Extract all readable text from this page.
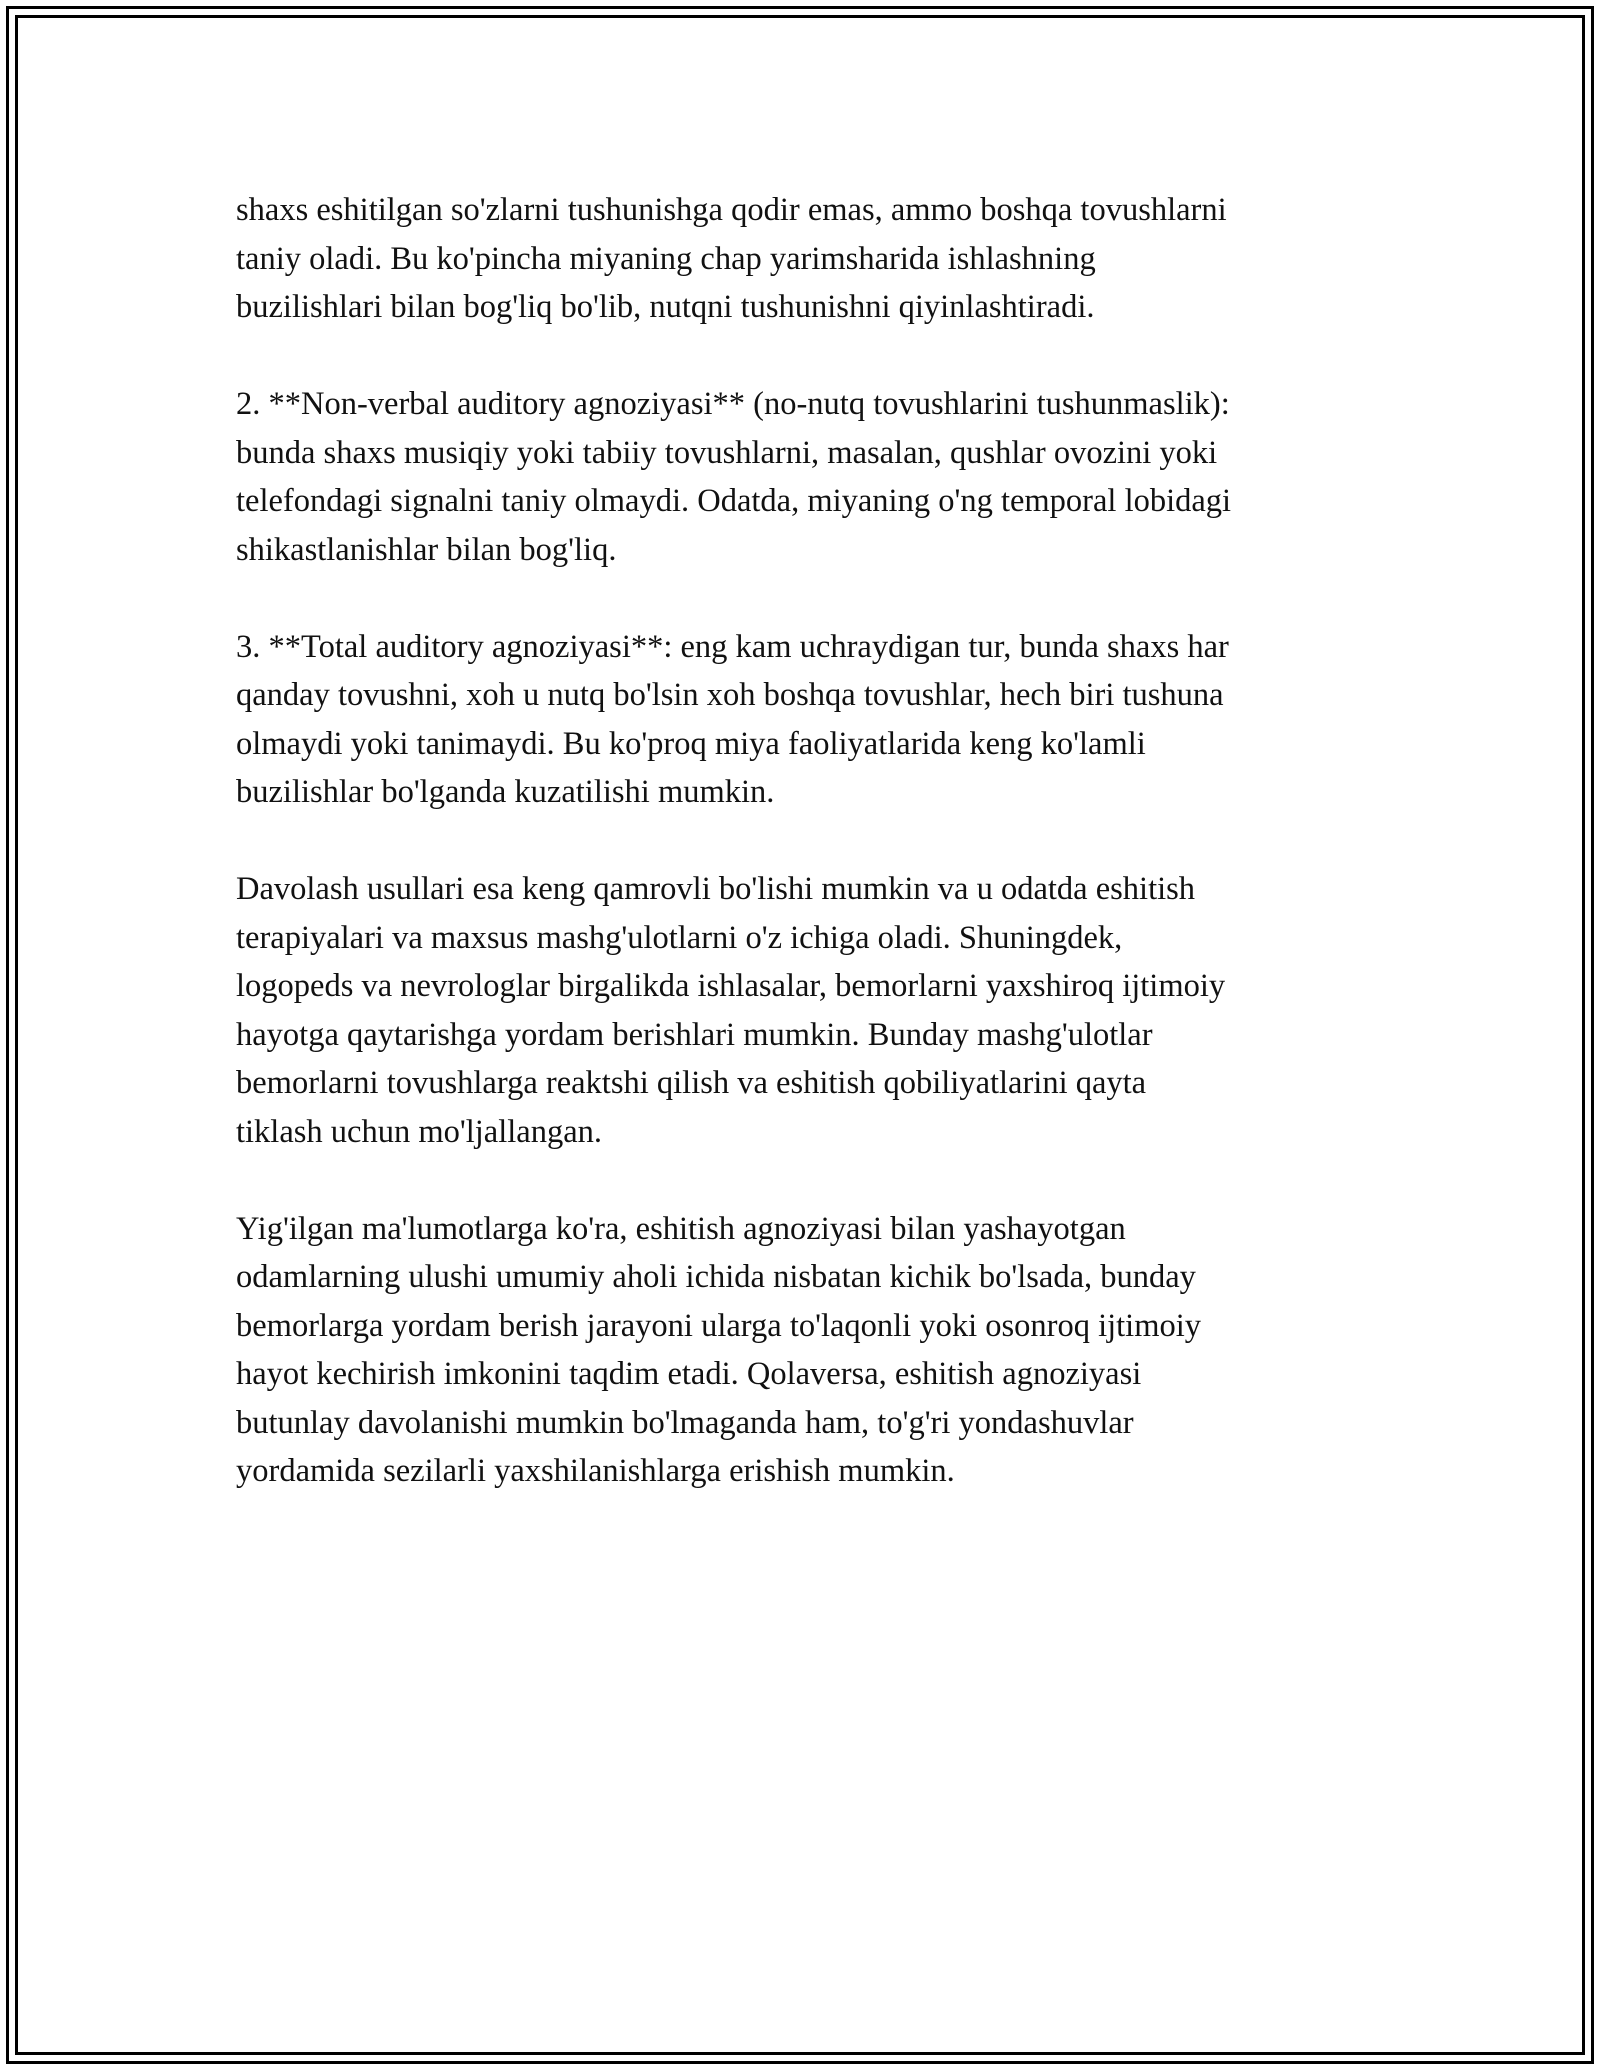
shaxs eshitilgan so'zlarni tushunishga qodir emas, ammo boshqa tovushlarni
taniy oladi. Bu ko'pincha miyaning chap yarimsharida ishlashning
buzilishlari bilan bog'liq bo'lib, nutqni tushunishni qiyinlashtiradi.
2. **Non-verbal auditory agnoziyasi** (no-nutq tovushlarini tushunmaslik):
bunda shaxs musiqiy yoki tabiiy tovushlarni, masalan, qushlar ovozini yoki
telefondagi signalni taniy olmaydi. Odatda, miyaning o'ng temporal lobidagi
shikastlanishlar bilan bog'liq.
3. **Total auditory agnoziyasi**: eng kam uchraydigan tur, bunda shaxs har
qanday tovushni, xoh u nutq bo'lsin xoh boshqa tovushlar, hech biri tushuna
olmaydi yoki tanimaydi. Bu ko'proq miya faoliyatlarida keng ko'lamli
buzilishlar bo'lganda kuzatilishi mumkin.
Davolash usullari esa keng qamrovli bo'lishi mumkin va u odatda eshitish
terapiyalari va maxsus mashg'ulotlarni o'z ichiga oladi. Shuningdek,
logopeds va nevrologlar birgalikda ishlasalar, bemorlarni yaxshiroq ijtimoiy
hayotga qaytarishga yordam berishlari mumkin. Bunday mashg'ulotlar
bemorlarni tovushlarga reaktshi qilish va eshitish qobiliyatlarini qayta
tiklash uchun mo'ljallangan.
Yig'ilgan ma'lumotlarga ko'ra, eshitish agnoziyasi bilan yashayotgan
odamlarning ulushi umumiy aholi ichida nisbatan kichik bo'lsada, bunday
bemorlarga yordam berish jarayoni ularga to'laqonli yoki osonroq ijtimoiy
hayot kechirish imkonini taqdim etadi. Qolaversa, eshitish agnoziyasi
butunlay davolanishi mumkin bo'lmaganda ham, to'g'ri yondashuvlar
yordamida sezilarli yaxshilanishlarga erishish mumkin.
